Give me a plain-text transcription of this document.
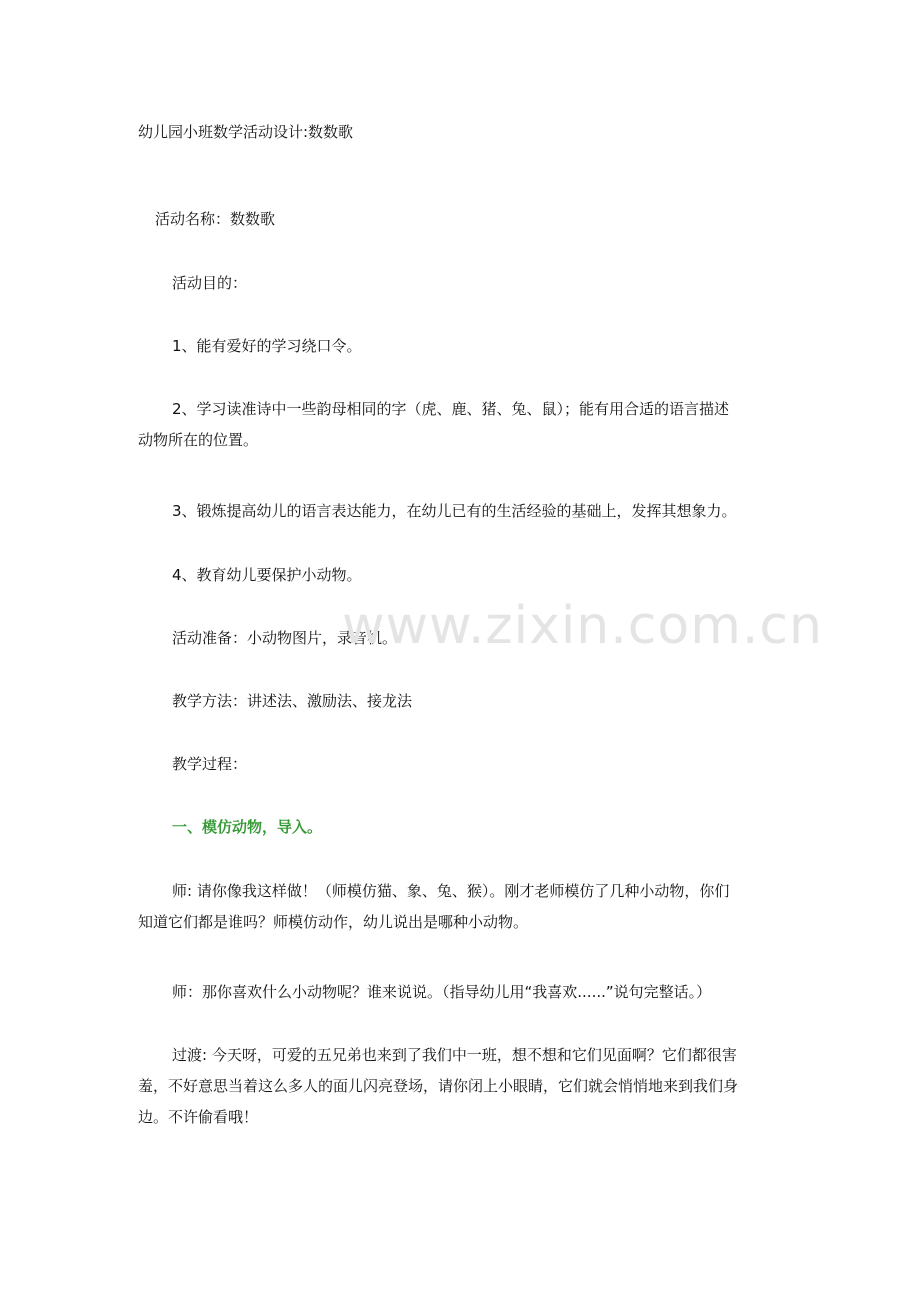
幼儿园小班数学活动设计:数数歌
活动名称：数数歌
活动目的：
1、能有爱好的学习绕口令。
2、学习读准诗中一些韵母相同的字（虎、鹿、猪、兔、鼠）；能有用合适的语言描述
动物所在的位置。
3、锻炼提高幼儿的语言表达能力，在幼儿已有的生活经验的基础上，发挥其想象力。
4、教育幼儿要保护小动物。
活动准备：小动物图片，录音机。
教学方法：讲述法、激励法、接龙法
教学过程：
一、模仿动物，导入。
师: 请你像我这样做！（师模仿猫、象、兔、猴）。刚才老师模仿了几种小动物，你们
知道它们都是谁吗？师模仿动作，幼儿说出是哪种小动物。
师：那你喜欢什么小动物呢？谁来说说。（指导幼儿用“我喜欢......”说句完整话。）
过渡: 今天呀，可爱的五兄弟也来到了我们中一班，想不想和它们见面啊？它们都很害
羞，不好意思当着这么多人的面儿闪亮登场，请你闭上小眼睛，它们就会悄悄地来到我们身
边。不许偷看哦！
www.zixin.com.cn
